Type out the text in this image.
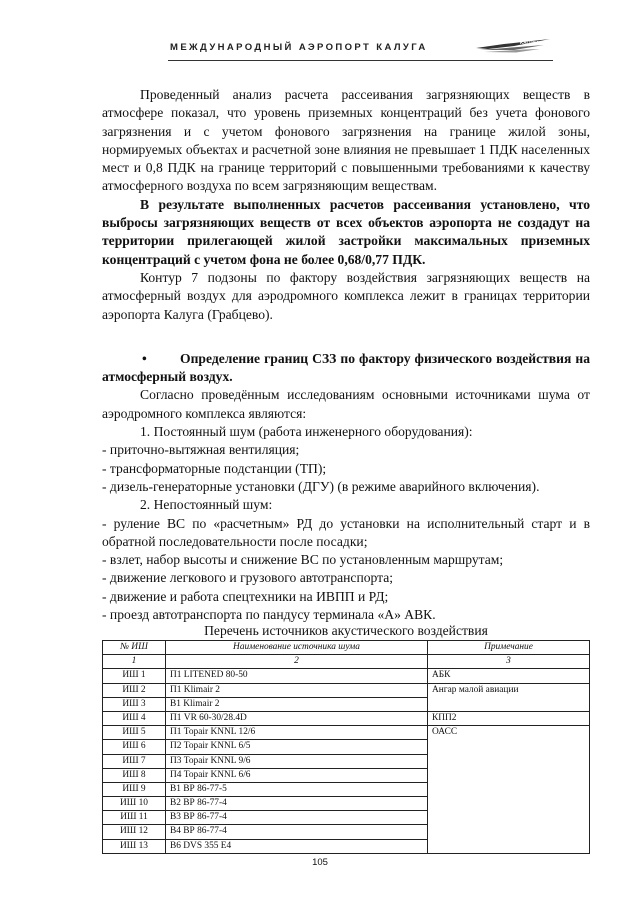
МЕЖДУНАРОДНЫЙ АЭРОПОРТ КАЛУГА	KALUGA

Проведенный анализ расчета рассеивания загрязняющих веществ в атмосфере показал, что уровень приземных концентраций без учета фонового загрязнения и с учетом фонового загрязнения на границе жилой зоны, нормируемых объектах и расчетной зоне влияния не превышает 1 ПДК населенных мест и 0,8 ПДК на границе территорий с повышенными требованиями к качеству атмосферного воздуха по всем загрязняющим веществам.

В результате выполненных расчетов рассеивания установлено, что выбросы загрязняющих веществ от всех объектов аэропорта не создадут на территории прилегающей жилой застройки максимальных приземных концентраций с учетом фона не более 0,68/0,77 ПДК.

Контур 7 подзоны по фактору воздействия загрязняющих веществ на атмосферный воздух для аэродромного комплекса лежит в границах территории аэропорта Калуга (Грабцево).

• Определение границ СЗЗ по фактору физического воздействия на атмосферный воздух.

Согласно проведённым исследованиям основными источниками шума от аэродромного комплекса являются:

1. Постоянный шум (работа инженерного оборудования):

- приточно-вытяжная вентиляция;

- трансформаторные подстанции (ТП);

- дизель-генераторные установки (ДГУ) (в режиме аварийного включения).

2. Непостоянный шум:

- руление ВС по «расчетным» РД до установки на исполнительный старт и в обратной последовательности после посадки;

- взлет, набор высоты и снижение ВС по установленным маршрутам;

- движение легкового и грузового автотранспорта;

- движение и работа спецтехники на ИВПП и РД;

- проезд автотранспорта по пандусу терминала «А» АВК.

Перечень источников акустического воздействия
№ ИШ	Наименование источника шума	Примечание
1	2	3
ИШ 1	П1 LITENED 80-50	АБК
ИШ 2	П1 Klimair 2	Ангар малой авиации
ИШ 3	В1 Klimair 2	
ИШ 4	П1 VR 60-30/28.4D	КПП2
ИШ 5	П1 Topair KNNL 12/6	ОАСС
ИШ 6	П2 Topair KNNL 6/5	
ИШ 7	П3 Topair KNNL 9/6	
ИШ 8	П4 Topair KNNL 6/6	
ИШ 9	В1 ВР 86-77-5	
ИШ 10	В2 ВР 86-77-4	
ИШ 11	В3 ВР 86-77-4	
ИШ 12	В4 ВР 86-77-4	
ИШ 13	В6 DVS 355 E4	
105
